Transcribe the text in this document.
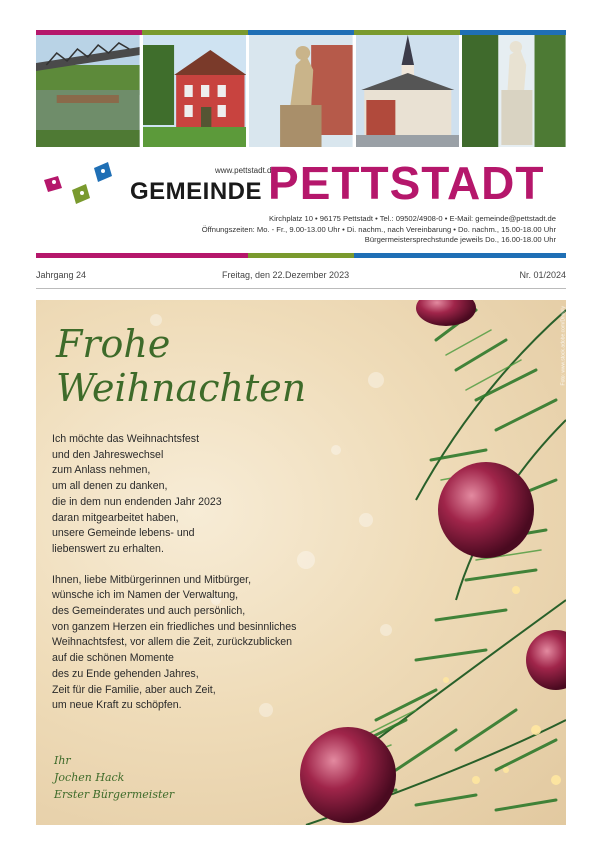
www.pettstadt.de
GEMEINDE PETTSTADT
Kirchplatz 10 • 96175 Pettstadt • Tel.: 09502/4908-0 • E-Mail: gemeinde@pettstadt.de
Öffnungszeiten: Mo. - Fr., 9.00-13.00 Uhr • Di. nachm., nach Vereinbarung • Do. nachm., 15.00-18.00 Uhr
Bürgermeistersprechstunde jeweils Do., 16.00-18.00 Uhr
Jahrgang 24	Freitag, den 22.Dezember 2023	Nr. 01/2024
Frohe
Weihnachten

Ich möchte das Weihnachtsfest

und den Jahreswechsel

zum Anlass nehmen,

um all denen zu danken,

die in dem nun endenden Jahr 2023

daran mitgearbeitet haben,

unsere Gemeinde lebens- und

liebenswert zu erhalten.

Ihnen, liebe Mitbürgerinnen und Mitbürger,

wünsche ich im Namen der Verwaltung,

des Gemeinderates und auch persönlich,

von ganzem Herzen ein friedliches und besinnliches

Weihnachtsfest, vor allem die Zeit, zurückzublicken

auf die schönen Momente

des zu Ende gehenden Jahres,

Zeit für die Familie, aber auch Zeit,

um neue Kraft zu schöpfen.

Ihr
Jochen Hack
Erster Bürgermeister
Foto: www.stock.adobe.com/Dmitriy
